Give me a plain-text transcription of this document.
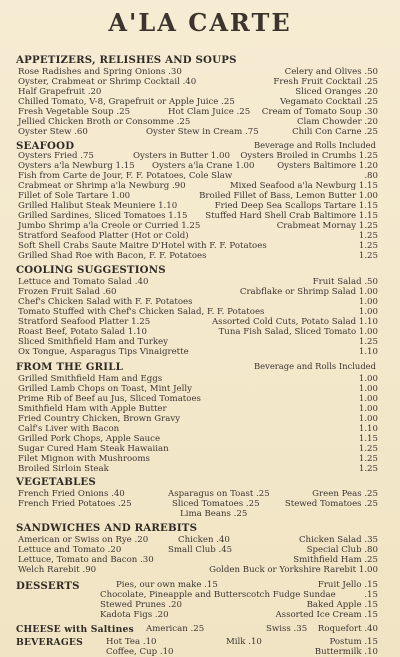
A'LA CARTE
APPETIZERS, RELISHES AND SOUPS
Rose Radishes and Spring Onions .30	Celery and Olives .50
Oyster, Crabmeat or Shrimp Cocktail .40	Fresh Fruit Cocktail .25
Half Grapefruit .20	Sliced Oranges .20
Chilled Tomato, V-8, Grapefruit or Apple Juice .25	Vegamato Cocktail .25
Fresh Vegetable Soup .25	Hot Clam Juice .25 Cream of Tomato Soup .30
Jellied Chicken Broth or Consomme .25	Clam Chowder .20
Oyster Stew .60	Oyster Stew in Cream .75	Chili Con Carne .25
SEAFOOD	Beverage and Rolls Included
Oysters Fried .75	Oysters in Butter 1.00 Oysters Broiled in Crumbs 1.25
Oysters a'la Newburg 1.15 Oysters a'la Crane 1.00	Oysters Baltimore 1.20
Fish from Carte de Jour, F. F. Potatoes, Cole Slaw	.80
Crabmeat or Shrimp a'la Newburg .90	Mixed Seafood a'la Newburg 1.15
Fillet of Sole Tartare 1.00	Broiled Fillet of Bass, Lemon Butter 1.00
Grilled Halibut Steak Meuniere 1.10	Fried Deep Sea Scallops Tartare 1.15
Grilled Sardines, Sliced Tomatoes 1.15 Stuffed Hard Shell Crab Baltimore 1.15
Jumbo Shrimp a'la Creole or Curried 1.25	Crabmeat Mornay 1.25
Stratford Seafood Platter (Hot or Cold)	1.25
Soft Shell Crabs Saute Maitre D'Hotel with F. F. Potatoes	1.25
Grilled Shad Roe with Bacon, F. F. Potatoes	1.25
COOLING SUGGESTIONS
Lettuce and Tomato Salad .40	Fruit Salad .50
Frozen Fruit Salad .60	Crabflake or Shrimp Salad 1.00
Chef's Chicken Salad with F. F. Potatoes	1.00
Tomato Stuffed with Chef's Chicken Salad, F. F. Potatoes	1.00
Stratford Seafood Platter 1.25	Assorted Cold Cuts, Potato Salad 1.10
Roast Beef, Potato Salad 1.10	Tuna Fish Salad, Sliced Tomato 1.00
Sliced Smithfield Ham and Turkey	1.25
Ox Tongue, Asparagus Tips Vinaigrette	1.10
FROM THE GRILL	Beverage and Rolls Included
Grilled Smithfield Ham and Eggs	1.00
Grilled Lamb Chops on Toast, Mint Jelly	1.00
Prime Rib of Beef au Jus, Sliced Tomatoes	1.00
Smithfield Ham with Apple Butter	1.00
Fried Country Chicken, Brown Gravy	1.00
Calf's Liver with Bacon	1.10
Grilled Pork Chops, Apple Sauce	1.15
Sugar Cured Ham Steak Hawaiian	1.25
Filet Mignon with Mushrooms	1.25
Broiled Sirloin Steak	1.25
VEGETABLES
French Fried Onions .40	Asparagus on Toast .25	Green Peas .25
French Fried Potatoes .25	Sliced Tomatoes .25	Stewed Tomatoes .25
Lima Beans .25
SANDWICHES AND RAREBITS
American or Swiss on Rye .20	Chicken .40	Chicken Salad .35
Lettuce and Tomato .20	Small Club .45	Special Club .80
Lettuce, Tomato and Bacon .30	Smithfield Ham .25
Welch Rarebit .90	Golden Buck or Yorkshire Rarebit 1.00
DESSERTS	Pies, our own make .15	Fruit Jello .15
Chocolate, Pineapple and Butterscotch Fudge Sundae	.15
Stewed Prunes .20	Baked Apple .15
Kadota Figs .20	Assorted Ice Cream .15
CHEESE with Saltines American .25	Swiss .35 Roquefort .40
BEVERAGES	Hot Tea .10	Milk .10	Postum .15
Coffee, Cup .10	Buttermilk .10
